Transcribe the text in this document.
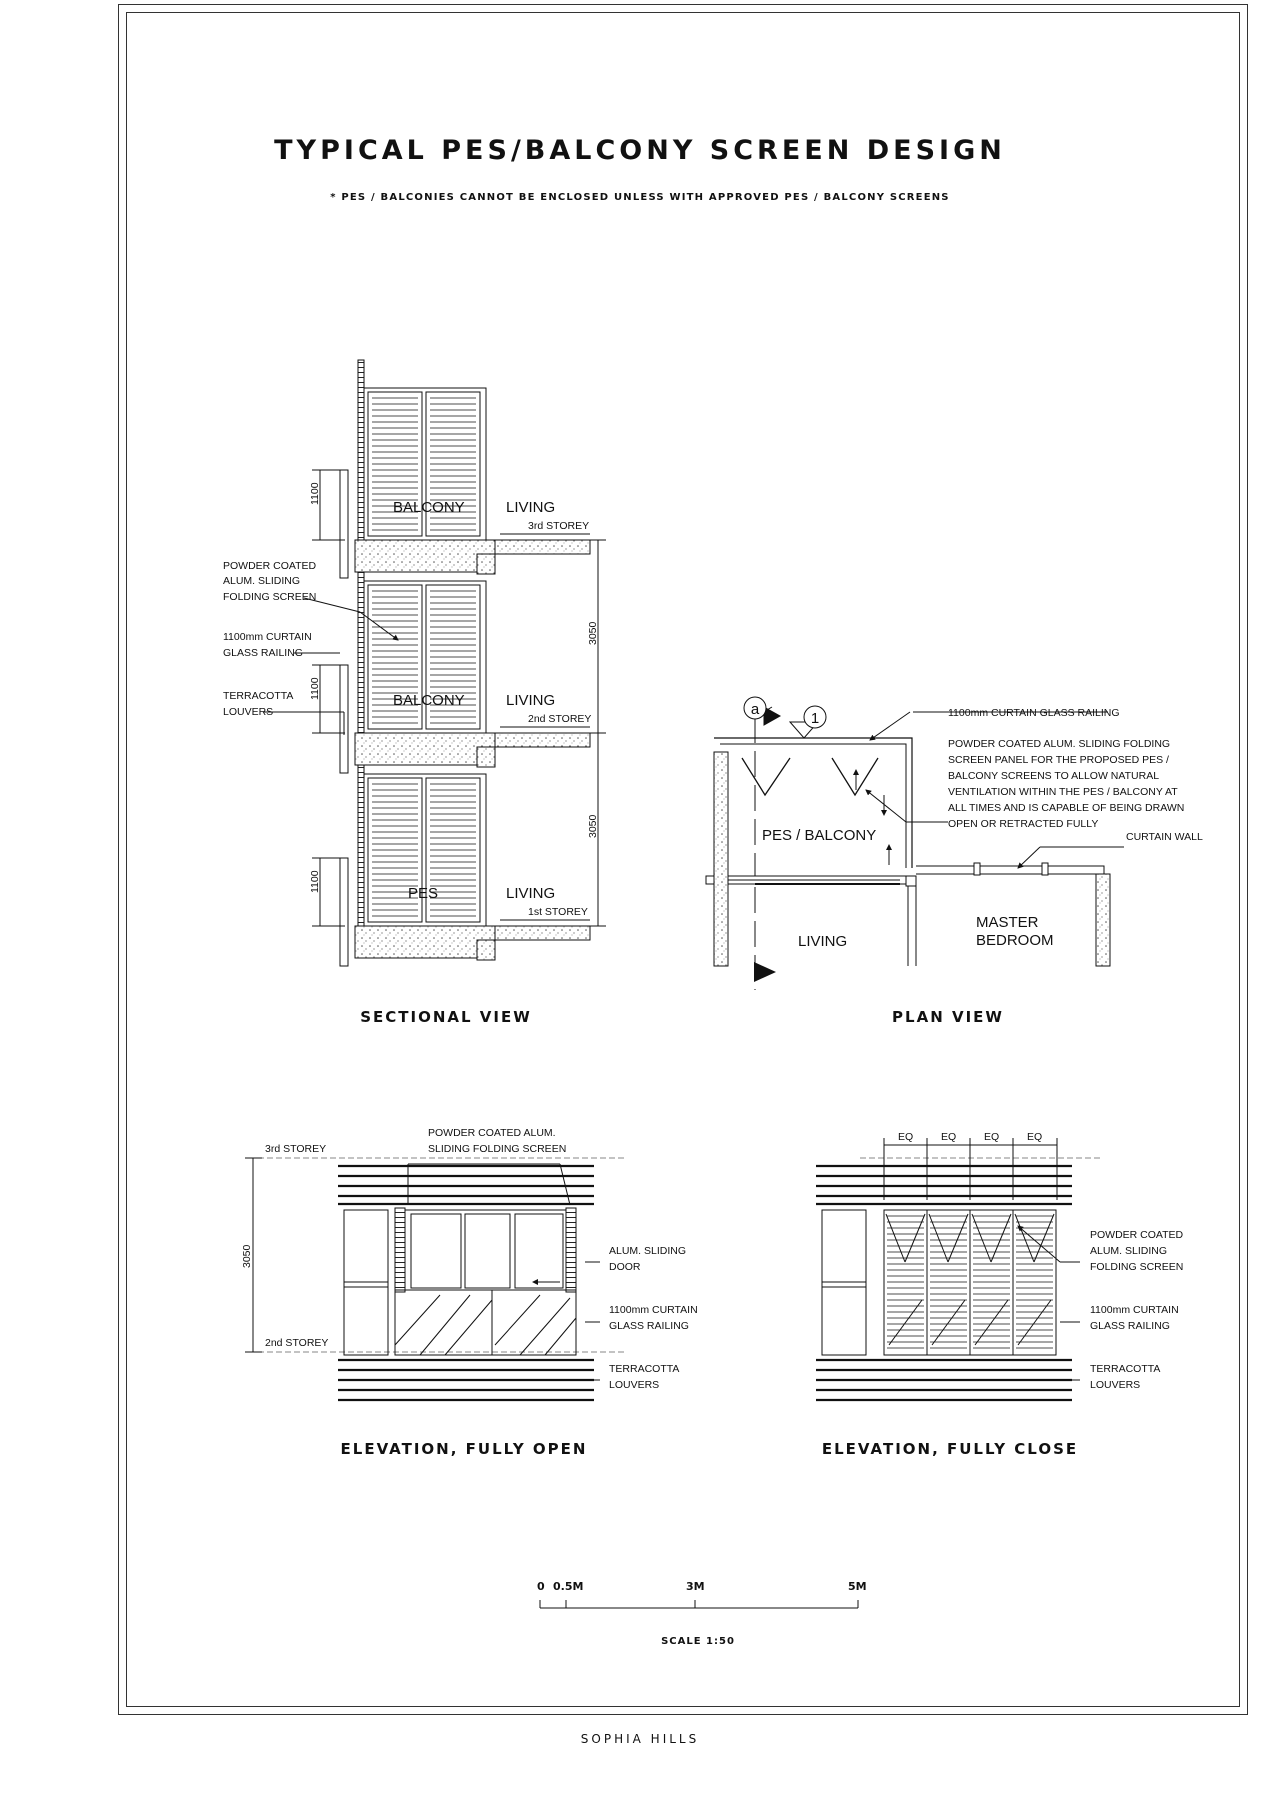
TYPICAL PES/BALCONY SCREEN DESIGN
* PES / BALCONIES CANNOT BE ENCLOSED UNLESS WITH APPROVED PES / BALCONY SCREENS
1100
1100
1100
3050
3050
BALCONY	LIVING
BALCONY	LIVING
PES	LIVING
3rd STOREY
2nd STOREY
1st STOREY
POWDER COATED
ALUM. SLIDING
FOLDING SCREEN
1100mm CURTAIN
GLASS RAILING
TERRACOTTA
LOUVERS	a
1	1100mm CURTAIN GLASS RAILING
POWDER COATED ALUM. SLIDING FOLDING
SCREEN PANEL FOR THE PROPOSED PES /
BALCONY SCREENS TO ALLOW NATURAL
VENTILATION WITHIN THE PES / BALCONY AT
ALL TIMES AND IS CAPABLE OF BEING DRAWN
OPEN OR RETRACTED FULLY
CURTAIN WALL
PES / BALCONY
LIVING
MASTER
BEDROOM
3rd STOREY
2nd STOREY
3050
POWDER COATED ALUM.
SLIDING FOLDING SCREEN
ALUM. SLIDING
DOOR
1100mm CURTAIN
GLASS RAILING
TERRACOTTA
LOUVERS
EQ	EQ	EQ	EQ
POWDER COATED
ALUM. SLIDING
FOLDING SCREEN
1100mm CURTAIN
GLASS RAILING
TERRACOTTA
LOUVERS
0 0.5M	3M	5M
SCALE 1:50
SECTIONAL VIEW	PLAN VIEW
ELEVATION, FULLY OPEN	ELEVATION, FULLY CLOSE
SOPHIA HILLS
